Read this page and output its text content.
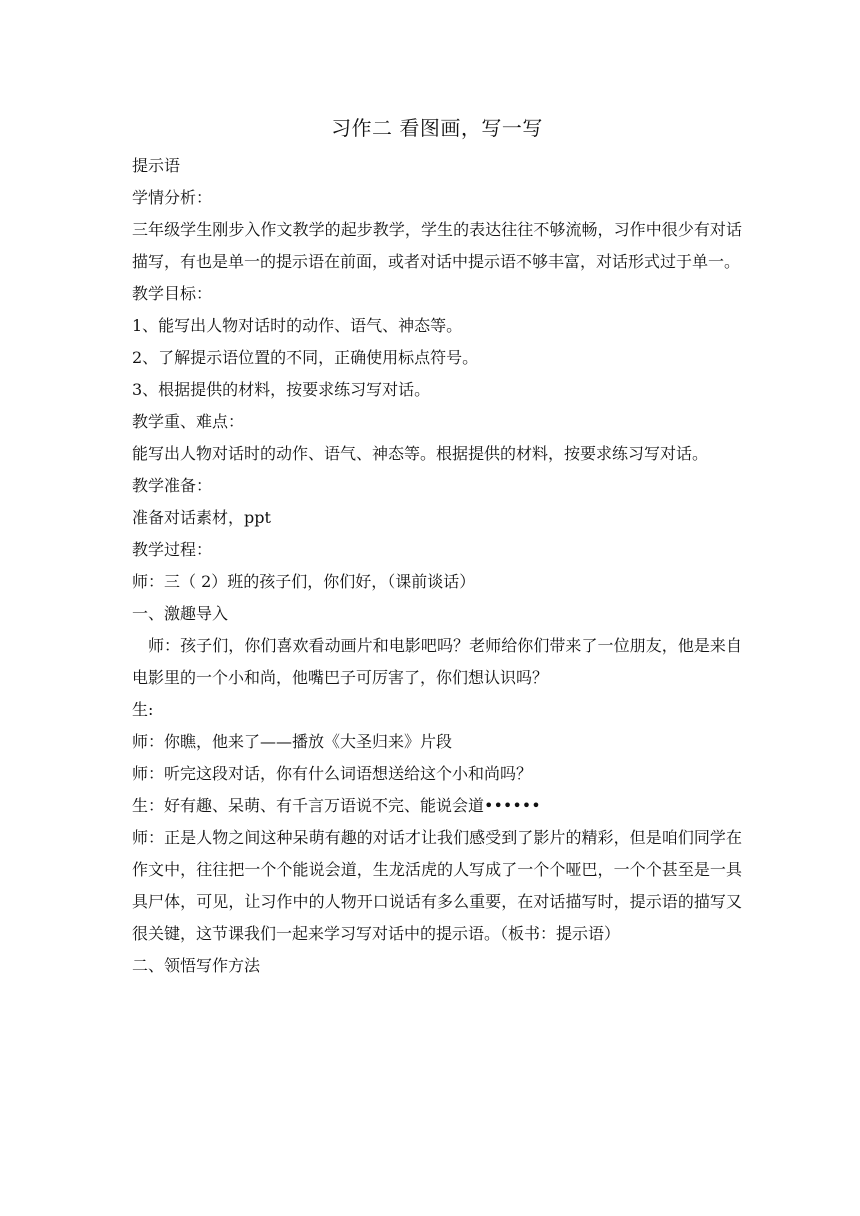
习作二 看图画，写一写

提示语

学情分析：

三年级学生刚步入作文教学的起步教学，学生的表达往往不够流畅，习作中很少有对话描写，有也是单一的提示语在前面，或者对话中提示语不够丰富，对话形式过于单一。

教学目标：

1、能写出人物对话时的动作、语气、神态等。

2、了解提示语位置的不同，正确使用标点符号。

3、根据提供的材料，按要求练习写对话。

教学重、难点：

能写出人物对话时的动作、语气、神态等。根据提供的材料，按要求练习写对话。

教学准备：

准备对话素材，ppt

教学过程：

师：三（ 2）班的孩子们，你们好，（课前谈话）

一、激趣导入

师：孩子们，你们喜欢看动画片和电影吧吗？老师给你们带来了一位朋友，他是来自电影里的一个小和尚，他嘴巴子可厉害了，你们想认识吗？

生:

师：你瞧，他来了——播放《大圣归来》片段

师：听完这段对话，你有什么词语想送给这个小和尚吗？

生：好有趣、呆萌、有千言万语说不完、能说会道••••••

师：正是人物之间这种呆萌有趣的对话才让我们感受到了影片的精彩，但是咱们同学在作文中，往往把一个个能说会道，生龙活虎的人写成了一个个哑巴，一个个甚至是一具具尸体，可见，让习作中的人物开口说话有多么重要，在对话描写时，提示语的描写又很关键，这节课我们一起来学习写对话中的提示语。（板书：提示语）

二、领悟写作方法
